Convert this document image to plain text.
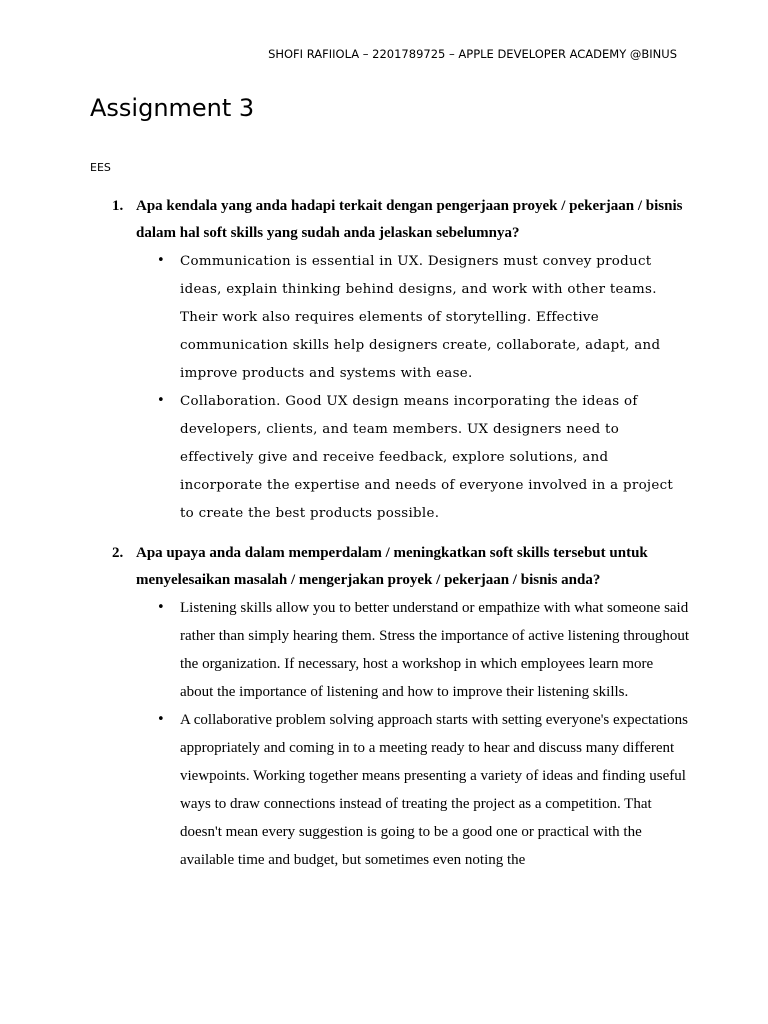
SHOFI RAFIIOLA – 2201789725 – APPLE DEVELOPER ACADEMY @BINUS
Assignment 3
EES
1. Apa kendala yang anda hadapi terkait dengan pengerjaan proyek / pekerjaan / bisnis dalam hal soft skills yang sudah anda jelaskan sebelumnya?
• Communication is essential in UX. Designers must convey product ideas, explain thinking behind designs, and work with other teams. Their work also requires elements of storytelling. Effective communication skills help designers create, collaborate, adapt, and improve products and systems with ease.
• Collaboration. Good UX design means incorporating the ideas of developers, clients, and team members. UX designers need to effectively give and receive feedback, explore solutions, and incorporate the expertise and needs of everyone involved in a project to create the best products possible.
2. Apa upaya anda dalam memperdalam / meningkatkan soft skills tersebut untuk menyelesaikan masalah / mengerjakan proyek / pekerjaan / bisnis anda?
• Listening skills allow you to better understand or empathize with what someone said rather than simply hearing them. Stress the importance of active listening throughout the organization. If necessary, host a workshop in which employees learn more about the importance of listening and how to improve their listening skills.
• A collaborative problem solving approach starts with setting everyone's expectations appropriately and coming in to a meeting ready to hear and discuss many different viewpoints. Working together means presenting a variety of ideas and finding useful ways to draw connections instead of treating the project as a competition. That doesn't mean every suggestion is going to be a good one or practical with the available time and budget, but sometimes even noting the
